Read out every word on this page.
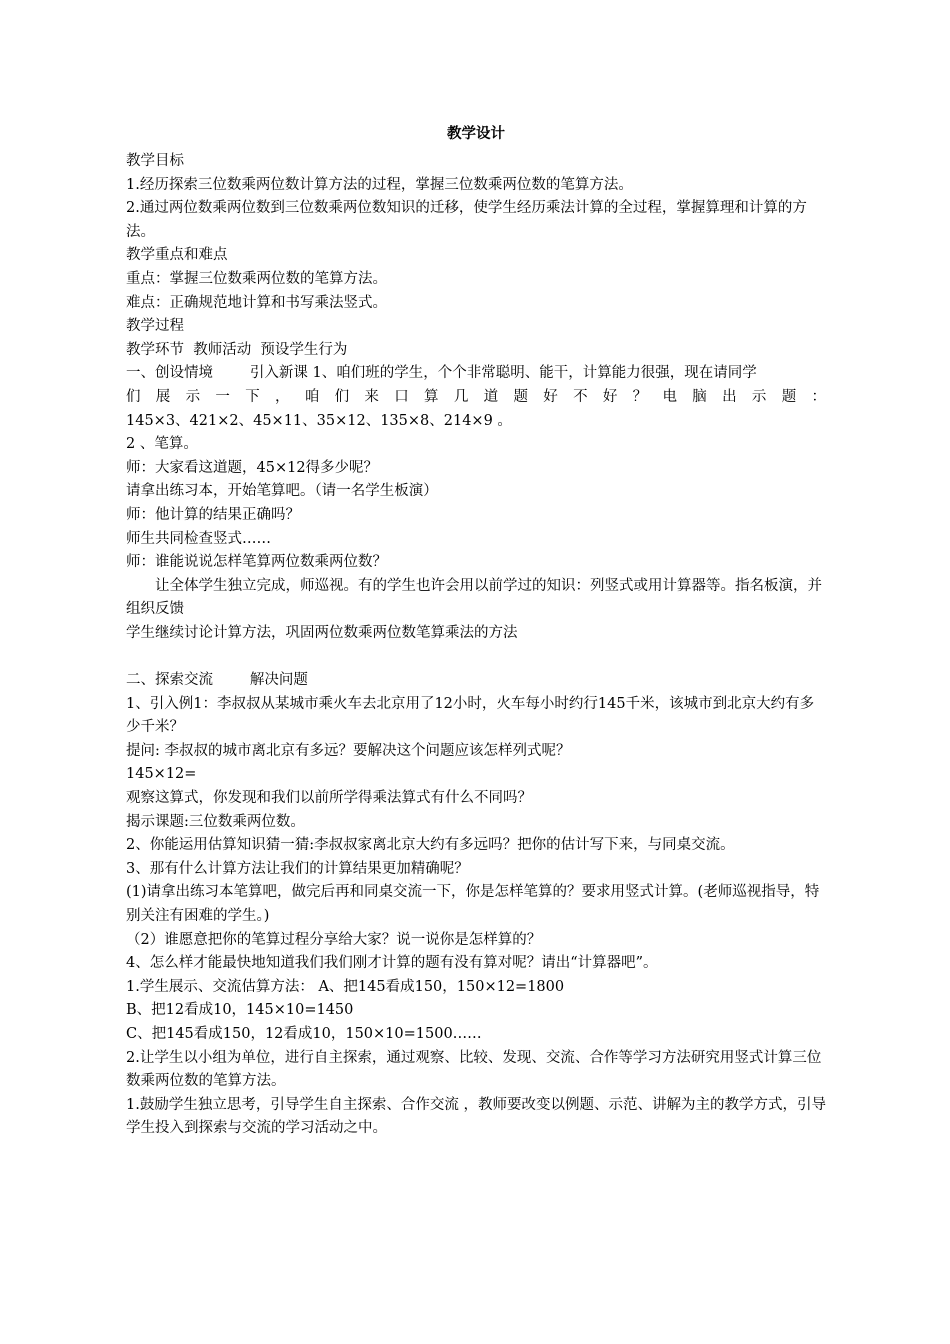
教学设计

教学目标

1.经历探索三位数乘两位数计算方法的过程，掌握三位数乘两位数的笔算方法。

2.通过两位数乘两位数到三位数乘两位数知识的迁移，使学生经历乘法计算的全过程，掌握算理和计算的方法。

教学重点和难点

重点：掌握三位数乘两位数的笔算方法。

难点：正确规范地计算和书写乘法竖式。

教学过程

教学环节  教师活动  预设学生行为

一、创设情境        引入新课 1、咱们班的学生，个个非常聪明、能干，计算能力很强，现在请同学

们展示一下，咱们来口算几道题好不好？电脑出示题：

145×3、421×2、45×11、35×12、135×8、214×9 。

2 、笔算。

师：大家看这道题，45×12得多少呢？

请拿出练习本，开始笔算吧。（请一名学生板演）

师：他计算的结果正确吗？

师生共同检查竖式……

师：谁能说说怎样笔算两位数乘两位数？

让全体学生独立完成，师巡视。有的学生也许会用以前学过的知识：列竖式或用计算器等。指名板演，并组织反馈

学生继续讨论计算方法，巩固两位数乘两位数笔算乘法的方法

二、探索交流        解决问题

1、引入例1：李叔叔从某城市乘火车去北京用了12小时，火车每小时约行145千米，该城市到北京大约有多少千米？

提问: 李叔叔的城市离北京有多远？要解决这个问题应该怎样列式呢？

145×12=

观察这算式，你发现和我们以前所学得乘法算式有什么不同吗？

揭示课题:三位数乘两位数。

2、你能运用估算知识猜一猜:李叔叔家离北京大约有多远吗？把你的估计写下来，与同桌交流。

3、那有什么计算方法让我们的计算结果更加精确呢？

(1)请拿出练习本笔算吧，做完后再和同桌交流一下，你是怎样笔算的？要求用竖式计算。(老师巡视指导，特别关注有困难的学生。)

（2）谁愿意把你的笔算过程分享给大家？说一说你是怎样算的？

4、怎么样才能最快地知道我们我们刚才计算的题有没有算对呢？请出“计算器吧”。

1.学生展示、交流估算方法： A、把145看成150，150×12=1800

B、把12看成10，145×10=1450

C、把145看成150，12看成10，150×10=1500……

2.让学生以小组为单位，进行自主探索，通过观察、比较、发现、交流、合作等学习方法研究用竖式计算三位数乘两位数的笔算方法。

1.鼓励学生独立思考，引导学生自主探索、合作交流 ，教师要改变以例题、示范、讲解为主的教学方式，引导学生投入到探索与交流的学习活动之中。
